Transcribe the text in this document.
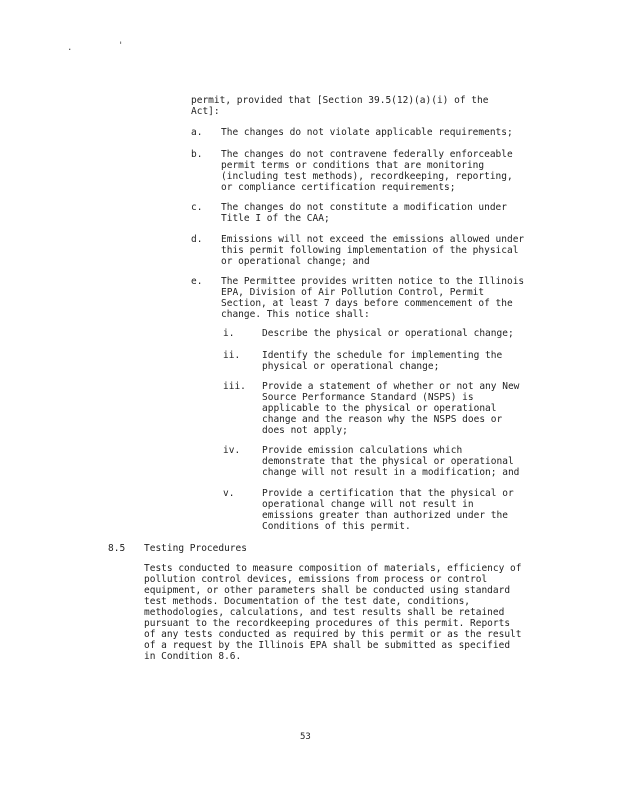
.	'
permit, provided that [Section 39.5(12)(a)(i) of the
Act]:
a. The changes do not violate applicable requirements;
b. The changes do not contravene federally enforceable
permit terms or conditions that are monitoring
(including test methods), recordkeeping, reporting,
or compliance certification requirements;
c. The changes do not constitute a modification under
Title I of the CAA;
d. Emissions will not exceed the emissions allowed under
this permit following implementation of the physical
or operational change; and
e. The Permittee provides written notice to the Illinois
EPA, Division of Air Pollution Control, Permit
Section, at least 7 days before commencement of the
change. This notice shall:
i.	Describe the physical or operational change;
ii. Identify the schedule for implementing the
physical or operational change;
iii. Provide a statement of whether or not any New
Source Performance Standard (NSPS) is
applicable to the physical or operational
change and the reason why the NSPS does or
does not apply;
iv. Provide emission calculations which
demonstrate that the physical or operational
change will not result in a modification; and
v.	Provide a certification that the physical or
operational change will not result in
emissions greater than authorized under the
Conditions of this permit.
8.5 Testing Procedures
Tests conducted to measure composition of materials, efficiency of
pollution control devices, emissions from process or control
equipment, or other parameters shall be conducted using standard
test methods. Documentation of the test date, conditions,
methodologies, calculations, and test results shall be retained
pursuant to the recordkeeping procedures of this permit. Reports
of any tests conducted as required by this permit or as the result
of a request by the Illinois EPA shall be submitted as specified
in Condition 8.6.
53
